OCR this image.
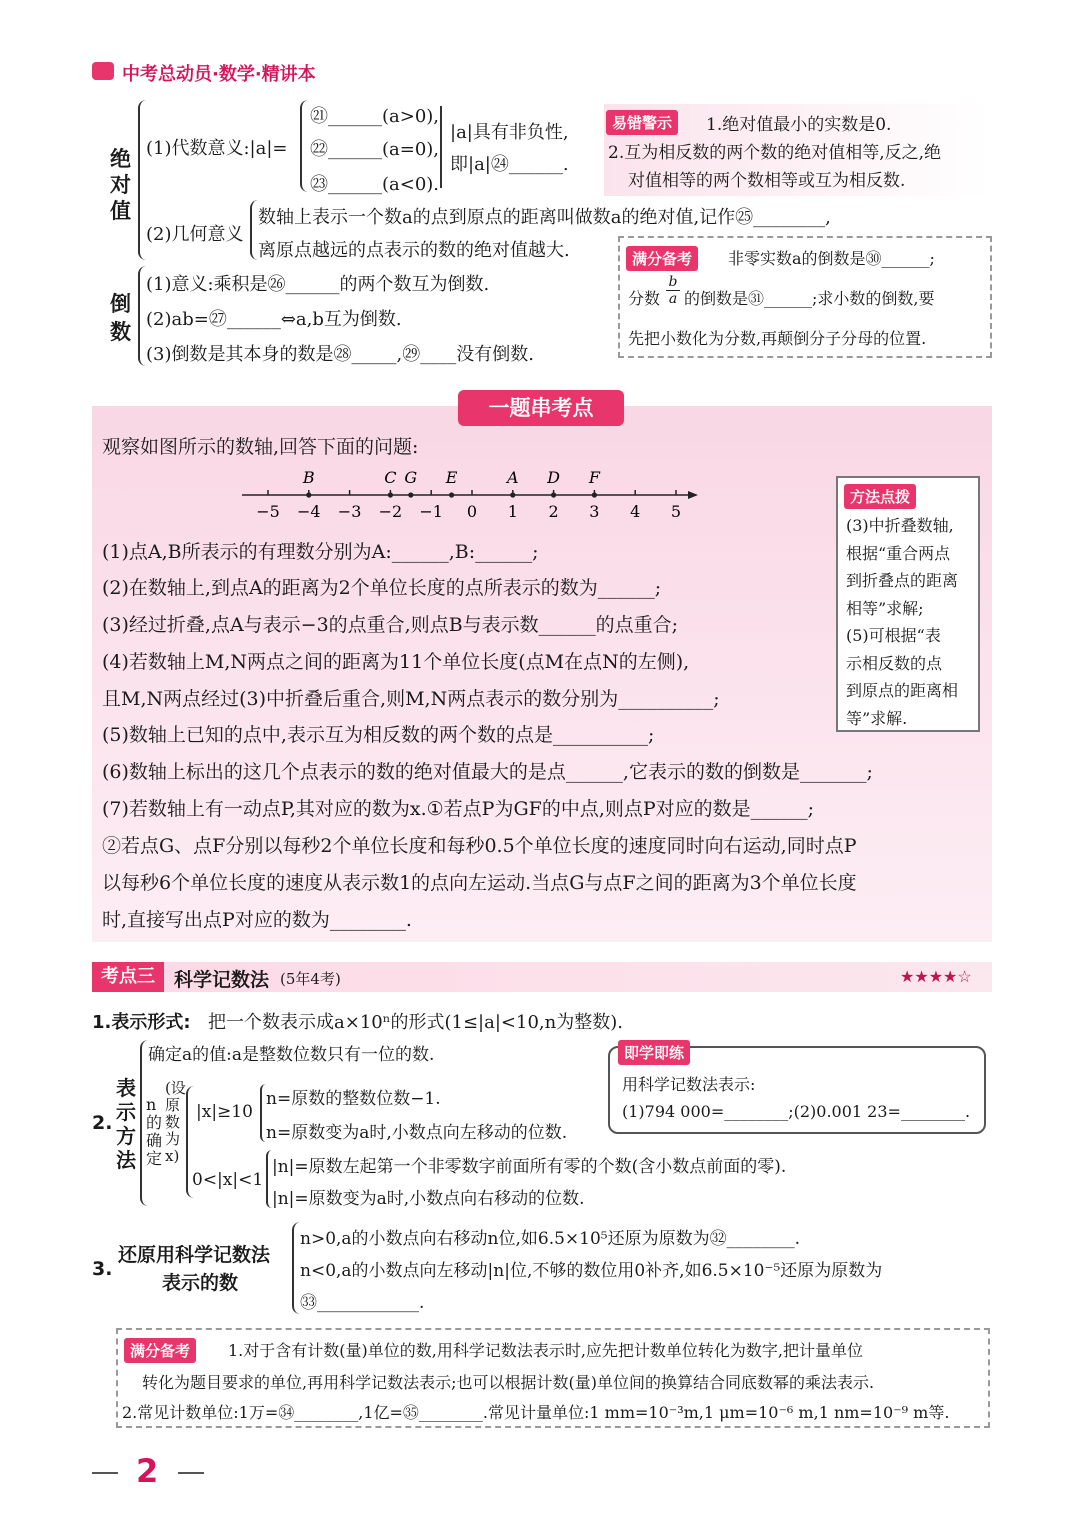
中考总动员·数学·精讲本
绝对值
(1)代数意义:|a|=
㉑______(a>0),
㉒______(a=0),
㉓______(a<0).
|a|具有非负性,
即|a|㉔______.
(2)几何意义
数轴上表示一个数a的点到原点的距离叫做数a的绝对值,记作㉕________,
离原点越远的点表示的数的绝对值越大.
易错警示	1.绝对值最小的实数是0.
2.互为相反数的两个数的绝对值相等,反之,绝
对值相等的两个数相等或互为相反数.
倒数
(1)意义:乘积是㉖______的两个数互为倒数.
(2)ab=㉗______⇔a,b互为倒数.
(3)倒数是其本身的数是㉘_____,㉙____没有倒数.
满分备考	非零实数a的倒数是㉚______;
分数 $\frac{b}{a}$ 的倒数是㉛______;求小数的倒数,要
先把小数化为分数,再颠倒分子分母的位置.
一题串考点
观察如图所示的数轴,回答下面的问题:
−5 −4 −3 −2 −1 0 1 2 3 4 5
B	C G E	A D F
(1)点A,B所表示的有理数分别为A:______,B:______;
(2)在数轴上,到点A的距离为2个单位长度的点所表示的数为______;
(3)经过折叠,点A与表示−3的点重合,则点B与表示数______的点重合;
(4)若数轴上M,N两点之间的距离为11个单位长度(点M在点N的左侧),
且M,N两点经过(3)中折叠后重合,则M,N两点表示的数分别为__________;
(5)数轴上已知的点中,表示互为相反数的两个数的点是__________;
(6)数轴上标出的这几个点表示的数的绝对值最大的是点______,它表示的数的倒数是_______;
(7)若数轴上有一动点P,其对应的数为x.①若点P为GF的中点,则点P对应的数是______;
②若点G、点F分别以每秒2个单位长度和每秒0.5个单位长度的速度同时向右运动,同时点P
以每秒6个单位长度的速度从表示数1的点向左运动.当点G与点F之间的距离为3个单位长度
时,直接写出点P对应的数为________.
方法点拨
(3)中折叠数轴,
根据“重合两点
到折叠点的距离
相等”求解;
(5)可根据“表
示相反数的点
到原点的距离相
等”求解.
考点三	科学记数法 (5年4考)	★★★★☆
1.表示形式: 把一个数表示成a×10ⁿ的形式(1≤|a|<10,n为整数).
2.
表示方法
确定a的值:a是整数位数只有一位的数.
n的确定
(设原数为x)
|x|≥10
n=原数的整数位数−1.
n=原数变为a时,小数点向左移动的位数.
0<|x|<1
|n|=原数左起第一个非零数字前面所有零的个数(含小数点前面的零).
|n|=原数变为a时,小数点向右移动的位数.
即学即练
用科学记数法表示:
(1)794 000=________;(2)0.001 23=________.
3.
还原用科学记数法
表示的数
n>0,a的小数点向右移动n位,如6.5×10⁵还原为原数为㉜________.
n<0,a的小数点向左移动|n|位,不够的数位用0补齐,如6.5×10⁻⁵还原为原数为
㉝____________.
满分备考	1.对于含有计数(量)单位的数,用科学记数法表示时,应先把计数单位转化为数字,把计量单位
转化为题目要求的单位,再用科学记数法表示;也可以根据计数(量)单位间的换算结合同底数幂的乘法表示.
2.常见计数单位:1万=㉞________,1亿=㉟________.常见计量单位:1 mm=10⁻³m,1 μm=10⁻⁶ m,1 nm=10⁻⁹ m等.
2
